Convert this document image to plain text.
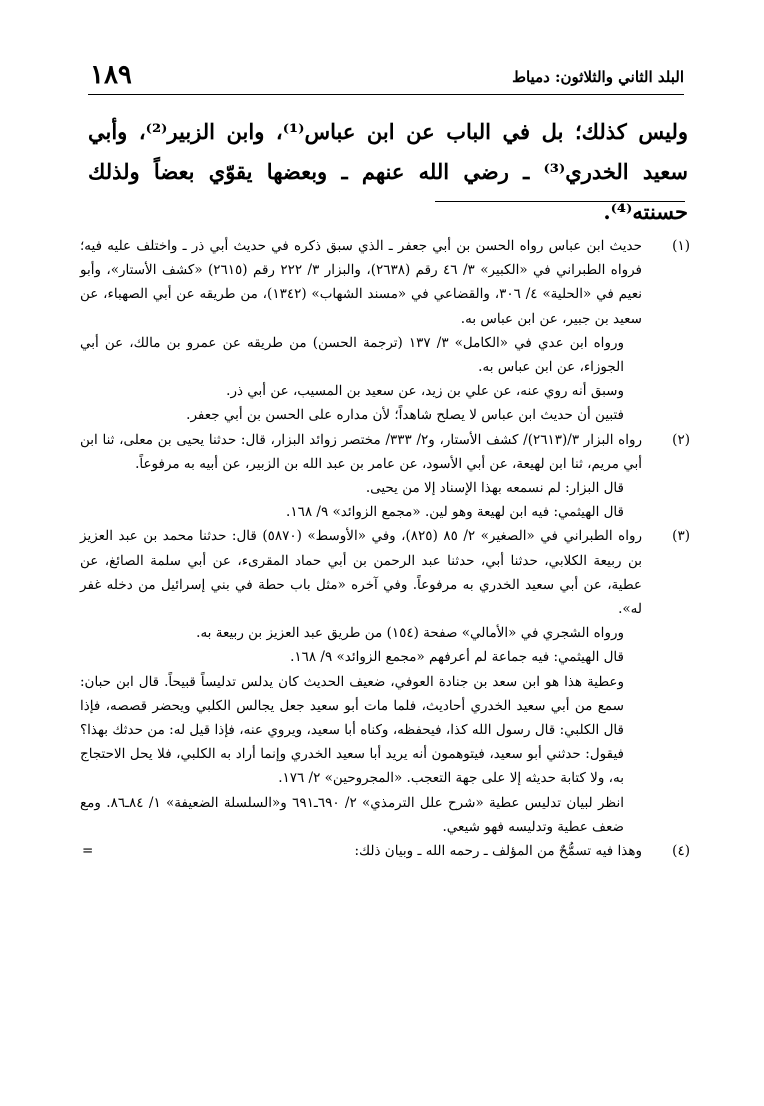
البلد الثاني والثلاثون: دمياط
١٨٩
وليس كذلك؛ بل في الباب عن ابن عباس⁽¹⁾، وابن الزبير⁽²⁾، وأبي سعيد الخدري⁽³⁾ ـ رضي الله عنهم ـ وبعضها يقوّي بعضاً ولذلك حسنته⁽⁴⁾.
(١)

حديث ابن عباس رواه الحسن بن أبي جعفر ـ الذي سبق ذكره في حديث أبي ذر ـ واختلف عليه فيه؛ فرواه الطبراني في «الكبير» ٣/ ٤٦ رقم (٢٦٣٨)، والبزار ٣/ ٢٢٢ رقم (٢٦١٥) «كشف الأستار»، وأبو نعيم في «الحلية» ٤/ ٣٠٦، والقضاعي في «مسند الشهاب» (١٣٤٢)، من طريقه عن أبي الصهباء، عن سعيد بن جبير، عن ابن عباس به.

ورواه ابن عدي في «الكامل» ٣/ ١٣٧ (ترجمة الحسن) من طريقه عن عمرو بن مالك، عن أبي الجوزاء، عن ابن عباس به.

وسبق أنه روي عنه، عن علي بن زيد، عن سعيد بن المسيب، عن أبي ذر.

فتبين أن حديث ابن عباس لا يصلح شاهداً؛ لأن مداره على الحسن بن أبي جعفر.

(٢)

رواه البزار ٣/(٢٦١٣)/ كشف الأستار، و٢/ ٣٣٣/ مختصر زوائد البزار، قال: حدثنا يحيى بن معلى، ثنا ابن أبي مريم، ثنا ابن لهيعة، عن أبي الأسود، عن عامر بن عبد الله بن الزبير، عن أبيه به مرفوعاً.

قال البزار: لم نسمعه بهذا الإسناد إلا من يحيى.

قال الهيثمي: فيه ابن لهيعة وهو لين. «مجمع الزوائد» ٩/ ١٦٨.

(٣)

رواه الطبراني في «الصغير» ٢/ ٨٥ (٨٢٥)، وفي «الأوسط» (٥٨٧٠) قال: حدثنا محمد بن عبد العزيز بن ربيعة الكلابي، حدثنا أبي، حدثنا عبد الرحمن بن أبي حماد المقرىء، عن أبي سلمة الصائغ، عن عطية، عن أبي سعيد الخدري به مرفوعاً. وفي آخره «مثل باب حطة في بني إسرائيل من دخله غفر له».

ورواه الشجري في «الأمالي» صفحة (١٥٤) من طريق عبد العزيز بن ربيعة به.

قال الهيثمي: فيه جماعة لم أعرفهم «مجمع الزوائد» ٩/ ١٦٨.

وعطية هذا هو ابن سعد بن جنادة العوفي، ضعيف الحديث كان يدلس تدليساً قبيحاً. قال ابن حبان: سمع من أبي سعيد الخدري أحاديث، فلما مات أبو سعيد جعل يجالس الكلبي ويحضر قصصه، فإذا قال الكلبي: قال رسول الله كذا، فيحفظه، وكناه أبا سعيد، ويروي عنه، فإذا قيل له: من حدثك بهذا؟ فيقول: حدثني أبو سعيد، فيتوهمون أنه يريد أبا سعيد الخدري وإنما أراد به الكلبي، فلا يحل الاحتجاج به، ولا كتابة حديثه إلا على جهة التعجب. «المجروحين» ٢/ ١٧٦.

انظر لبيان تدليس عطية «شرح علل الترمذي» ٢/ ٦٩٠ـ٦٩١ و«السلسلة الضعيفة» ١/ ٨٤ـ٨٦. ومع ضعف عطية وتدليسه فهو شيعي.

(٤)

وهذا فيه تسمُّحٌ من المؤلف ـ رحمه الله ـ وبيان ذلك:

=
